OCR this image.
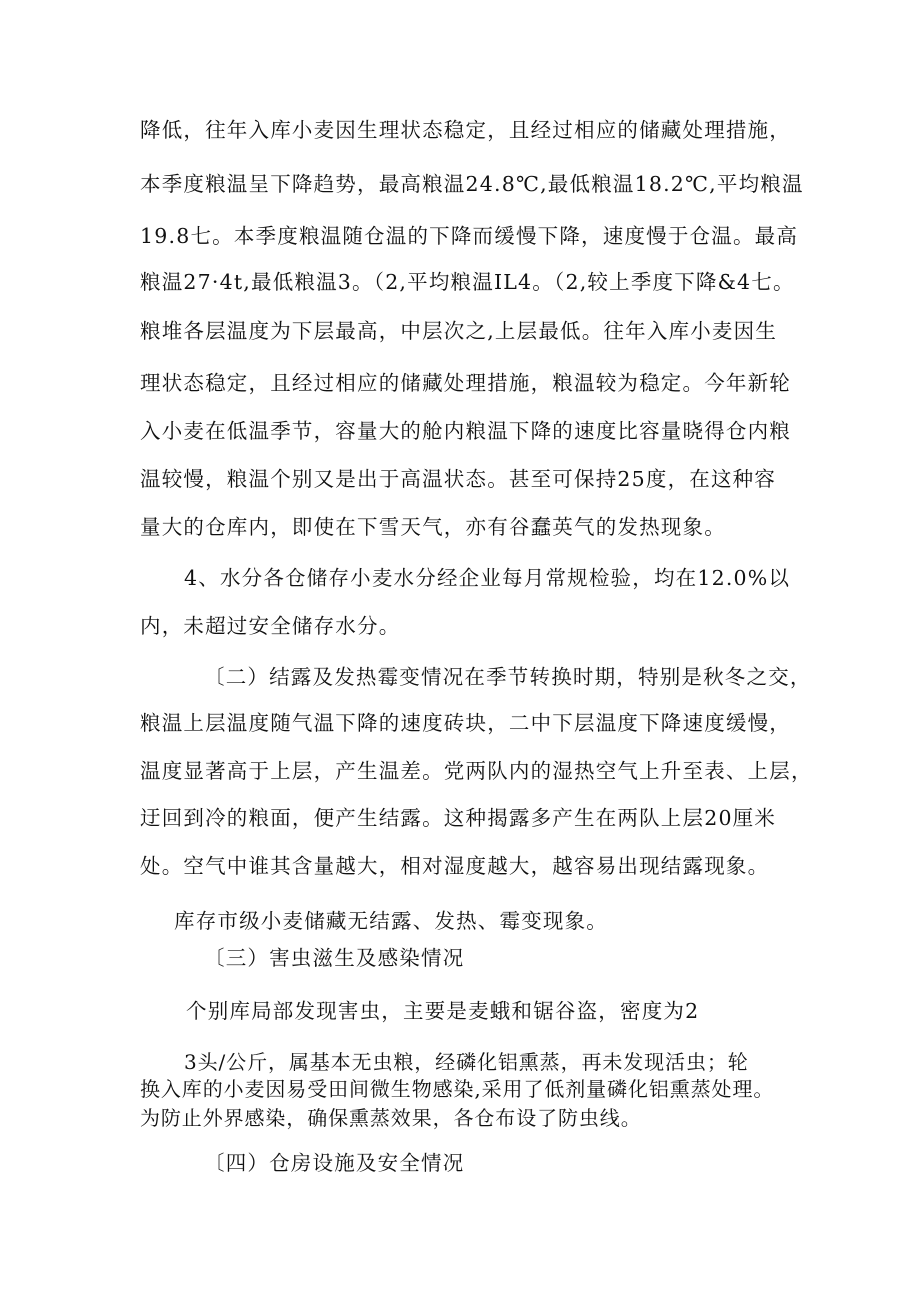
降低，往年入库小麦因生理状态稳定，且经过相应的储藏处理措施，
本季度粮温呈下降趋势，最高粮温24.8℃,最低粮温18.2℃,平均粮温
19.8七。本季度粮温随仓温的下降而缓慢下降，速度慢于仓温。最高
粮温27·4t,最低粮温3。（2,平均粮温IL4。（2,较上季度下降&4七。
粮堆各层温度为下层最高，中层次之,上层最低。往年入库小麦因生
理状态稳定，且经过相应的储藏处理措施，粮温较为稳定。今年新轮
入小麦在低温季节，容量大的舱内粮温下降的速度比容量晓得仓内粮
温较慢，粮温个别又是出于高温状态。甚至可保持25度，在这种容
量大的仓库内，即使在下雪天气，亦有谷蠢英气的发热现象。
4、水分各仓储存小麦水分经企业每月常规检验，均在12.0%以
内，未超过安全储存水分。
〔二）结露及发热霉变情况在季节转换时期，特别是秋冬之交，
粮温上层温度随气温下降的速度砖块，二中下层温度下降速度缓慢，
温度显著高于上层，产生温差。党两队内的湿热空气上升至表、上层，
迂回到冷的粮面，便产生结露。这种揭露多产生在两队上层20厘米
处。空气中谁其含量越大，相对湿度越大，越容易出现结露现象。
库存市级小麦储藏无结露、发热、霉变现象。
〔三）害虫滋生及感染情况
个别库局部发现害虫，主要是麦蛾和锯谷盗，密度为2
3头/公斤，属基本无虫粮，经磷化铝熏蒸，再未发现活虫；轮
换入库的小麦因易受田间微生物感染,采用了低剂量磷化铝熏蒸处理。
为防止外界感染，确保熏蒸效果，各仓布设了防虫线。
〔四）仓房设施及安全情况
